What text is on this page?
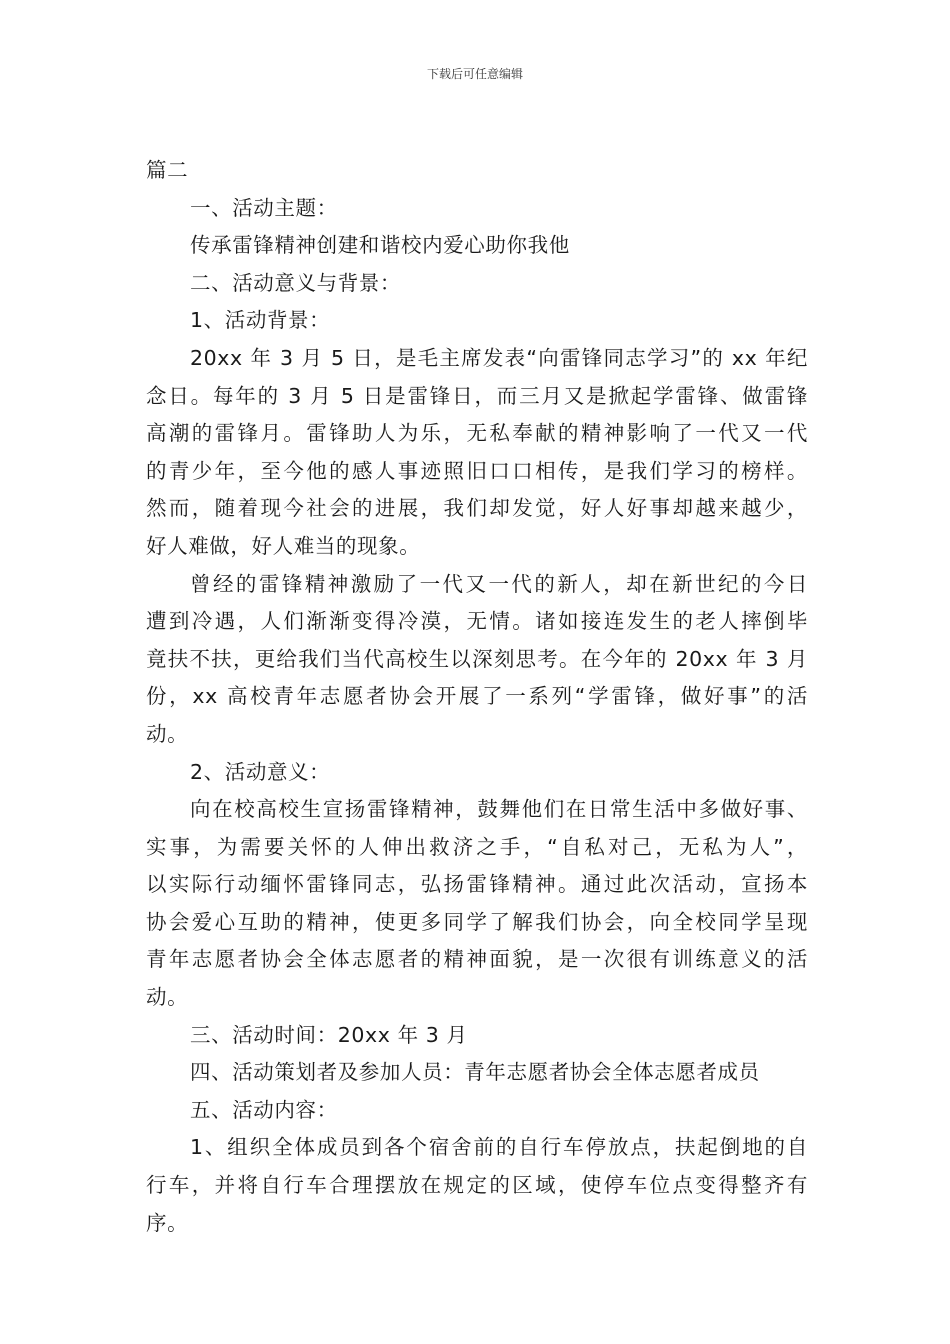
下载后可任意编辑
篇二
一、活动主题：
传承雷锋精神创建和谐校内爱心助你我他
二、活动意义与背景：
1、活动背景：
20xx 年 3 月 5 日，是毛主席发表“向雷锋同志学习”的 xx 年纪
念日。每年的 3 月 5 日是雷锋日，而三月又是掀起学雷锋、做雷锋
高潮的雷锋月。雷锋助人为乐，无私奉献的精神影响了一代又一代
的青少年，至今他的感人事迹照旧口口相传，是我们学习的榜样。
然而，随着现今社会的进展，我们却发觉，好人好事却越来越少，
好人难做，好人难当的现象。
曾经的雷锋精神激励了一代又一代的新人，却在新世纪的今日
遭到冷遇，人们渐渐变得冷漠，无情。诸如接连发生的老人摔倒毕
竟扶不扶，更给我们当代高校生以深刻思考。在今年的 20xx 年 3 月
份，xx 高校青年志愿者协会开展了一系列“学雷锋，做好事”的活
动。
2、活动意义：
向在校高校生宣扬雷锋精神，鼓舞他们在日常生活中多做好事、
实事，为需要关怀的人伸出救济之手，“自私对己，无私为人”，
以实际行动缅怀雷锋同志，弘扬雷锋精神。通过此次活动，宣扬本
协会爱心互助的精神，使更多同学了解我们协会，向全校同学呈现
青年志愿者协会全体志愿者的精神面貌，是一次很有训练意义的活
动。
三、活动时间：20xx 年 3 月
四、活动策划者及参加人员：青年志愿者协会全体志愿者成员
五、活动内容：
1、组织全体成员到各个宿舍前的自行车停放点，扶起倒地的自
行车，并将自行车合理摆放在规定的区域，使停车位点变得整齐有
序。
